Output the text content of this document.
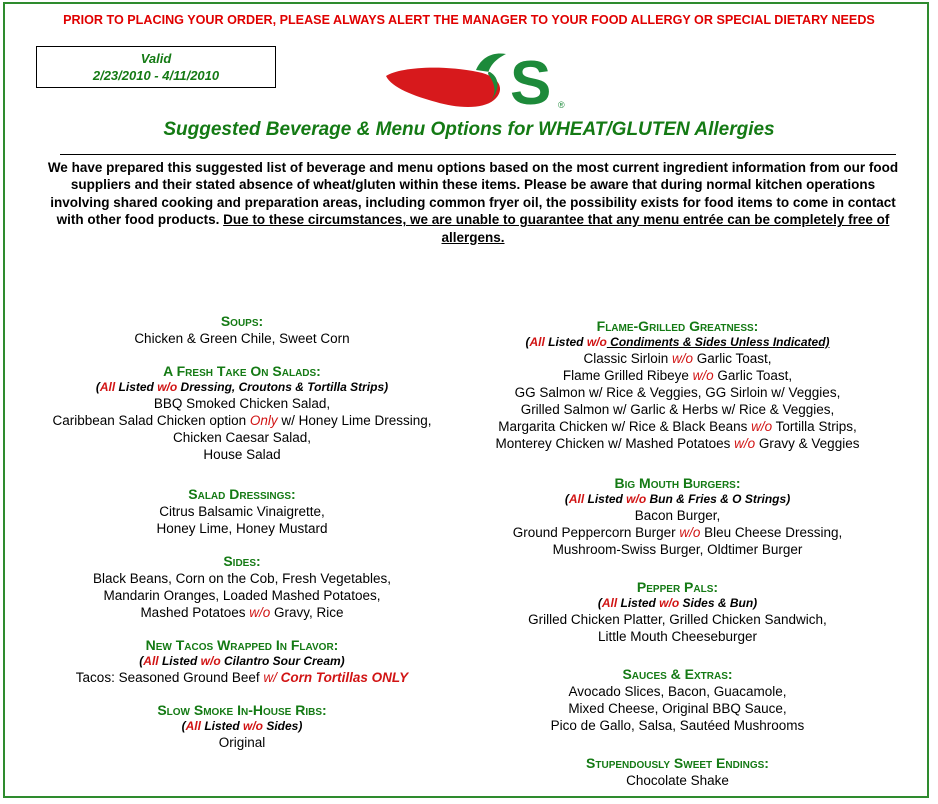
PRIOR TO PLACING YOUR ORDER, PLEASE ALWAYS ALERT THE MANAGER TO YOUR FOOD ALLERGY OR SPECIAL DIETARY NEEDS
Valid
2/23/2010 - 4/11/2010	S ®
Suggested Beverage & Menu Options for WHEAT/GLUTEN Allergies
We have prepared this suggested list of beverage and menu options based on the most current ingredient information from our food suppliers and their stated absence of wheat/gluten within these items. Please be aware that during normal kitchen operations involving shared cooking and preparation areas, including common fryer oil, the possibility exists for food items to come in contact with other food products. Due to these circumstances, we are unable to guarantee that any menu entrée can be completely free of allergens.
Soups:
Chicken & Green Chile, Sweet Corn
A Fresh Take On Salads:
(All Listed w/o Dressing, Croutons & Tortilla Strips)
BBQ Smoked Chicken Salad,
Caribbean Salad Chicken option Only w/ Honey Lime Dressing,
Chicken Caesar Salad,
House Salad
Salad Dressings:
Citrus Balsamic Vinaigrette,
Honey Lime, Honey Mustard
Sides:
Black Beans, Corn on the Cob, Fresh Vegetables,
Mandarin Oranges, Loaded Mashed Potatoes,
Mashed Potatoes w/o Gravy, Rice
New Tacos Wrapped In Flavor:
(All Listed w/o Cilantro Sour Cream)
Tacos: Seasoned Ground Beef w/ Corn Tortillas ONLY
Slow Smoke In-House Ribs:
(All Listed w/o Sides)
Original
Flame-Grilled Greatness:
(All Listed w/o Condiments & Sides Unless Indicated)
Classic Sirloin w/o Garlic Toast,
Flame Grilled Ribeye w/o Garlic Toast,
GG Salmon w/ Rice & Veggies, GG Sirloin w/ Veggies,
Grilled Salmon w/ Garlic & Herbs w/ Rice & Veggies,
Margarita Chicken w/ Rice & Black Beans w/o Tortilla Strips,
Monterey Chicken w/ Mashed Potatoes w/o Gravy & Veggies
Big Mouth Burgers:
(All Listed w/o Bun & Fries & O Strings)
Bacon Burger,
Ground Peppercorn Burger w/o Bleu Cheese Dressing,
Mushroom-Swiss Burger, Oldtimer Burger
Pepper Pals:
(All Listed w/o Sides & Bun)
Grilled Chicken Platter, Grilled Chicken Sandwich,
Little Mouth Cheeseburger
Sauces & Extras:
Avocado Slices, Bacon, Guacamole,
Mixed Cheese, Original BBQ Sauce,
Pico de Gallo, Salsa, Sautéed Mushrooms
Stupendously Sweet Endings:
Chocolate Shake
